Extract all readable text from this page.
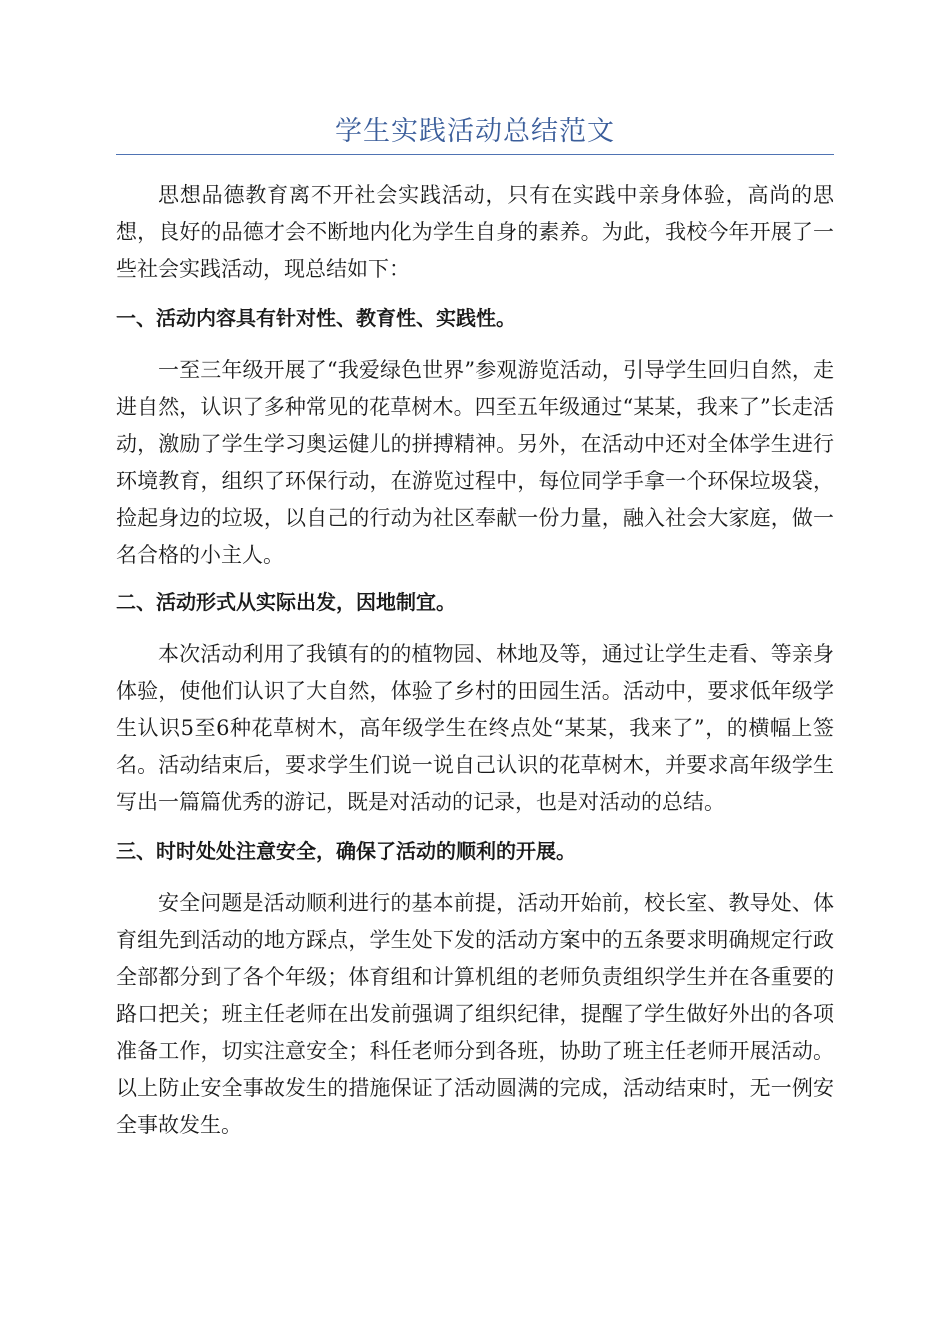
学生实践活动总结范文

思想品德教育离不开社会实践活动，只有在实践中亲身体验，高尚的思想，良好的品德才会不断地内化为学生自身的素养。为此，我校今年开展了一些社会实践活动，现总结如下：

一、活动内容具有针对性、教育性、实践性。

一至三年级开展了“我爱绿色世界”参观游览活动，引导学生回归自然，走进自然，认识了多种常见的花草树木。四至五年级通过“某某，我来了”长走活动，激励了学生学习奥运健儿的拼搏精神。另外，在活动中还对全体学生进行环境教育，组织了环保行动，在游览过程中，每位同学手拿一个环保垃圾袋，捡起身边的垃圾，以自己的行动为社区奉献一份力量，融入社会大家庭，做一名合格的小主人。

二、活动形式从实际出发，因地制宜。

本次活动利用了我镇有的的植物园、林地及等，通过让学生走看、等亲身体验，使他们认识了大自然，体验了乡村的田园生活。活动中，要求低年级学生认识5至6种花草树木，高年级学生在终点处“某某，我来了”，的横幅上签名。活动结束后，要求学生们说一说自己认识的花草树木，并要求高年级学生写出一篇篇优秀的游记，既是对活动的记录，也是对活动的总结。

三、时时处处注意安全，确保了活动的顺利的开展。

安全问题是活动顺利进行的基本前提，活动开始前，校长室、教导处、体育组先到活动的地方踩点，学生处下发的活动方案中的五条要求明确规定行政全部都分到了各个年级；体育组和计算机组的老师负责组织学生并在各重要的路口把关；班主任老师在出发前强调了组织纪律，提醒了学生做好外出的各项准备工作，切实注意安全；科任老师分到各班，协助了班主任老师开展活动。以上防止安全事故发生的措施保证了活动圆满的完成，活动结束时，无一例安全事故发生。
